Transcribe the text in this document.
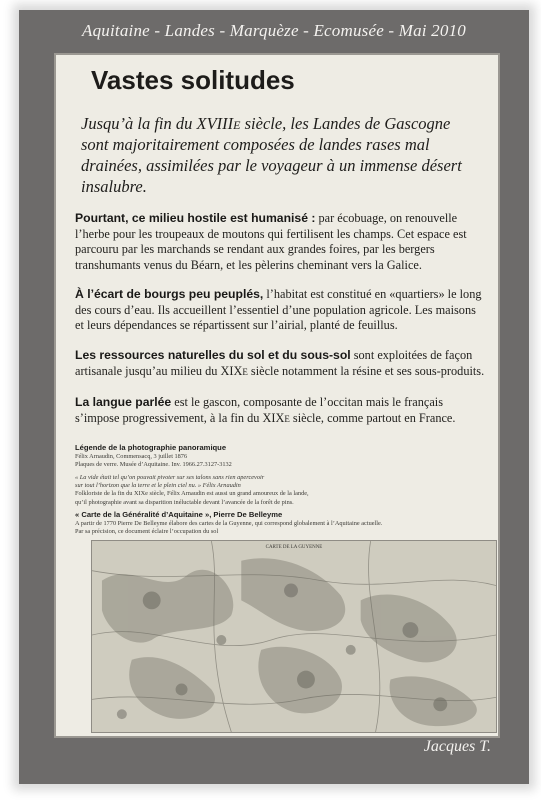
Aquitaine - Landes - Marquèze - Ecomusée - Mai 2010
Vastes solitudes
Jusqu’à la fin du XVIIIe siècle, les Landes de Gascogne sont majoritairement composées de landes rases mal drainées, assimilées par le voyageur à un immense désert insalubre.
Pourtant, ce milieu hostile est humanisé : par écobuage, on renouvelle l’herbe pour les troupeaux de moutons qui fertilisent les champs. Cet espace est parcouru par les marchands se rendant aux grandes foires, par les bergers transhumants venus du Béarn, et les pèlerins cheminant vers la Galice.
À l’écart de bourgs peu peuplés, l’habitat est constitué en «quartiers» le long des cours d’eau. Ils accueillent l’essentiel d’une population agricole. Les maisons et leurs dépendances se répartissent sur l’airial, planté de feuillus.
Les ressources naturelles du sol et du sous-sol sont exploitées de façon artisanale jusqu’au milieu du XIXe siècle notamment la résine et ses sous-produits.
La langue parlée est le gascon, composante de l’occitan mais le français s’impose progressivement, à la fin du XIXe siècle, comme partout en France.
Légende de la photographie panoramique
Félix Arnaudin, Commensacq, 3 juillet 1876
Plaques de verre. Musée d’Aquitaine. Inv. 1966.27.3127-3132
« La vide était tel qu’on pouvait pivoter sur ses talons sans rien apercevoir
sur tout l’horizon que la terre et le plein ciel nu. » Félix Arnaudin
Folkloriste de la fin du XIXe siècle, Félix Arnaudin est aussi un grand amoureux de la lande,
qu’il photographie avant sa disparition inéluctable devant l’avancée de la forêt de pins.
« Carte de la Généralité d’Aquitaine », Pierre De Belleyme
A partir de 1770 Pierre De Belleyme élabore des cartes de la Guyenne, qui correspond globalement à l’Aquitaine actuelle.
Par sa précision, ce document éclaire l’occupation du sol
CARTE DE LA GUYENNE
Jacques T.
